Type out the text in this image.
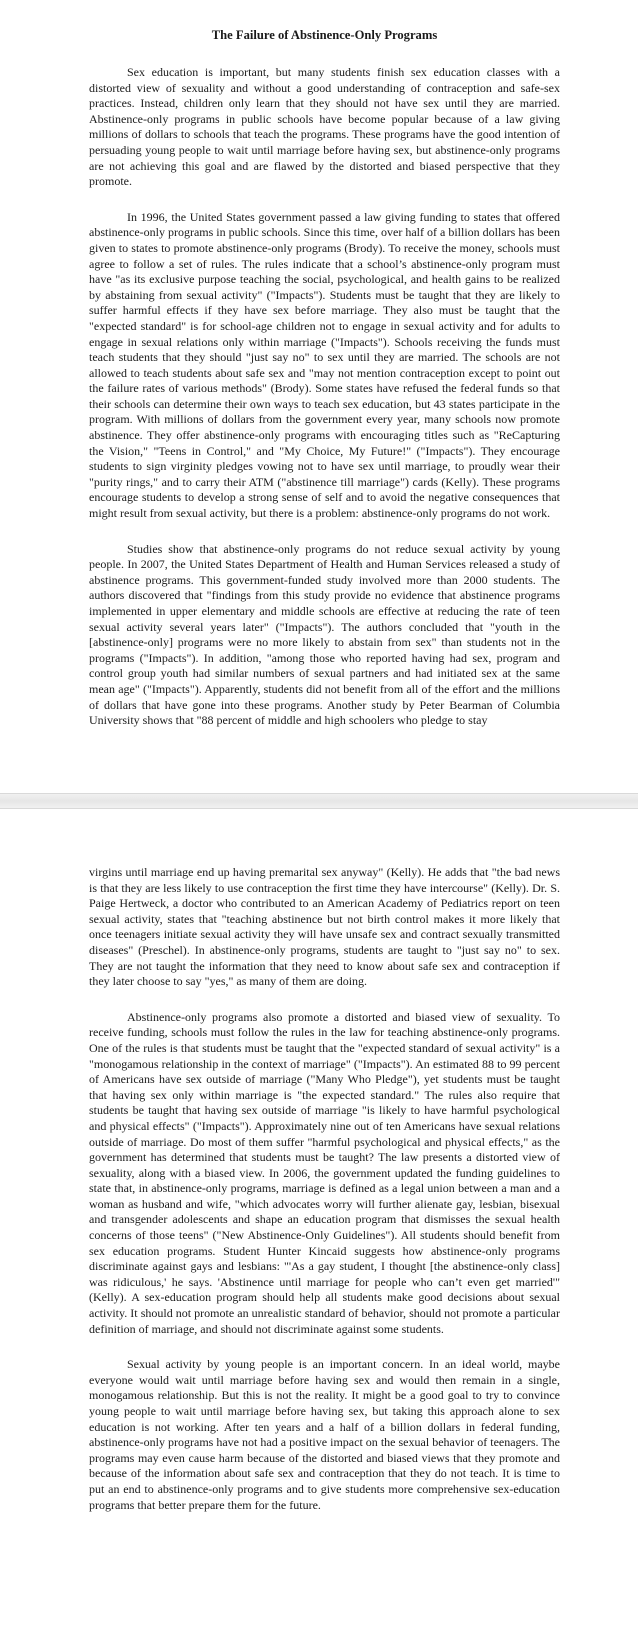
The Failure of Abstinence-Only Programs

Sex education is important, but many students finish sex education classes with a distorted view of sexuality and without a good understanding of contraception and safe-sex practices. Instead, children only learn that they should not have sex until they are married. Abstinence-only programs in public schools have become popular because of a law giving millions of dollars to schools that teach the programs. These programs have the good intention of persuading young people to wait until marriage before having sex, but abstinence-only programs are not achieving this goal and are flawed by the distorted and biased perspective that they promote.

In 1996, the United States government passed a law giving funding to states that offered abstinence-only programs in public schools. Since this time, over half of a billion dollars has been given to states to promote abstinence-only programs (Brody). To receive the money, schools must agree to follow a set of rules. The rules indicate that a school’s abstinence-only program must have "as its exclusive purpose teaching the social, psychological, and health gains to be realized by abstaining from sexual activity" ("Impacts"). Students must be taught that they are likely to suffer harmful effects if they have sex before marriage. They also must be taught that the "expected standard" is for school-age children not to engage in sexual activity and for adults to engage in sexual relations only within marriage ("Impacts"). Schools receiving the funds must teach students that they should "just say no" to sex until they are married. The schools are not allowed to teach students about safe sex and "may not mention contraception except to point out the failure rates of various methods" (Brody). Some states have refused the federal funds so that their schools can determine their own ways to teach sex education, but 43 states participate in the program. With millions of dollars from the government every year, many schools now promote abstinence. They offer abstinence-only programs with encouraging titles such as "ReCapturing the Vision," "Teens in Control," and "My Choice, My Future!" ("Impacts"). They encourage students to sign virginity pledges vowing not to have sex until marriage, to proudly wear their "purity rings," and to carry their ATM ("abstinence till marriage") cards (Kelly). These programs encourage students to develop a strong sense of self and to avoid the negative consequences that might result from sexual activity, but there is a problem: abstinence-only programs do not work.

Studies show that abstinence-only programs do not reduce sexual activity by young people. In 2007, the United States Department of Health and Human Services released a study of abstinence programs. This government-funded study involved more than 2000 students. The authors discovered that "findings from this study provide no evidence that abstinence programs implemented in upper elementary and middle schools are effective at reducing the rate of teen sexual activity several years later" ("Impacts"). The authors concluded that "youth in the [abstinence-only] programs were no more likely to abstain from sex" than students not in the programs ("Impacts"). In addition, "among those who reported having had sex, program and control group youth had similar numbers of sexual partners and had initiated sex at the same mean age" ("Impacts"). Apparently, students did not benefit from all of the effort and the millions of dollars that have gone into these programs. Another study by Peter Bearman of Columbia University shows that "88 percent of middle and high schoolers who pledge to stay

virgins until marriage end up having premarital sex anyway" (Kelly). He adds that "the bad news is that they are less likely to use contraception the first time they have intercourse" (Kelly). Dr. S. Paige Hertweck, a doctor who contributed to an American Academy of Pediatrics report on teen sexual activity, states that "teaching abstinence but not birth control makes it more likely that once teenagers initiate sexual activity they will have unsafe sex and contract sexually transmitted diseases" (Preschel). In abstinence-only programs, students are taught to "just say no" to sex. They are not taught the information that they need to know about safe sex and contraception if they later choose to say "yes," as many of them are doing.

Abstinence-only programs also promote a distorted and biased view of sexuality. To receive funding, schools must follow the rules in the law for teaching abstinence-only programs. One of the rules is that students must be taught that the "expected standard of sexual activity" is a "monogamous relationship in the context of marriage" ("Impacts"). An estimated 88 to 99 percent of Americans have sex outside of marriage ("Many Who Pledge"), yet students must be taught that having sex only within marriage is "the expected standard." The rules also require that students be taught that having sex outside of marriage "is likely to have harmful psychological and physical effects" ("Impacts"). Approximately nine out of ten Americans have sexual relations outside of marriage. Do most of them suffer "harmful psychological and physical effects," as the government has determined that students must be taught? The law presents a distorted view of sexuality, along with a biased view. In 2006, the government updated the funding guidelines to state that, in abstinence-only programs, marriage is defined as a legal union between a man and a woman as husband and wife, "which advocates worry will further alienate gay, lesbian, bisexual and transgender adolescents and shape an education program that dismisses the sexual health concerns of those teens" ("New Abstinence-Only Guidelines"). All students should benefit from sex education programs. Student Hunter Kincaid suggests how abstinence-only programs discriminate against gays and lesbians: "'As a gay student, I thought [the abstinence-only class] was ridiculous,' he says. 'Abstinence until marriage for people who can’t even get married'" (Kelly). A sex-education program should help all students make good decisions about sexual activity. It should not promote an unrealistic standard of behavior, should not promote a particular definition of marriage, and should not discriminate against some students.

Sexual activity by young people is an important concern. In an ideal world, maybe everyone would wait until marriage before having sex and would then remain in a single, monogamous relationship. But this is not the reality. It might be a good goal to try to convince young people to wait until marriage before having sex, but taking this approach alone to sex education is not working. After ten years and a half of a billion dollars in federal funding, abstinence-only programs have not had a positive impact on the sexual behavior of teenagers. The programs may even cause harm because of the distorted and biased views that they promote and because of the information about safe sex and contraception that they do not teach. It is time to put an end to abstinence-only programs and to give students more comprehensive sex-education programs that better prepare them for the future.
